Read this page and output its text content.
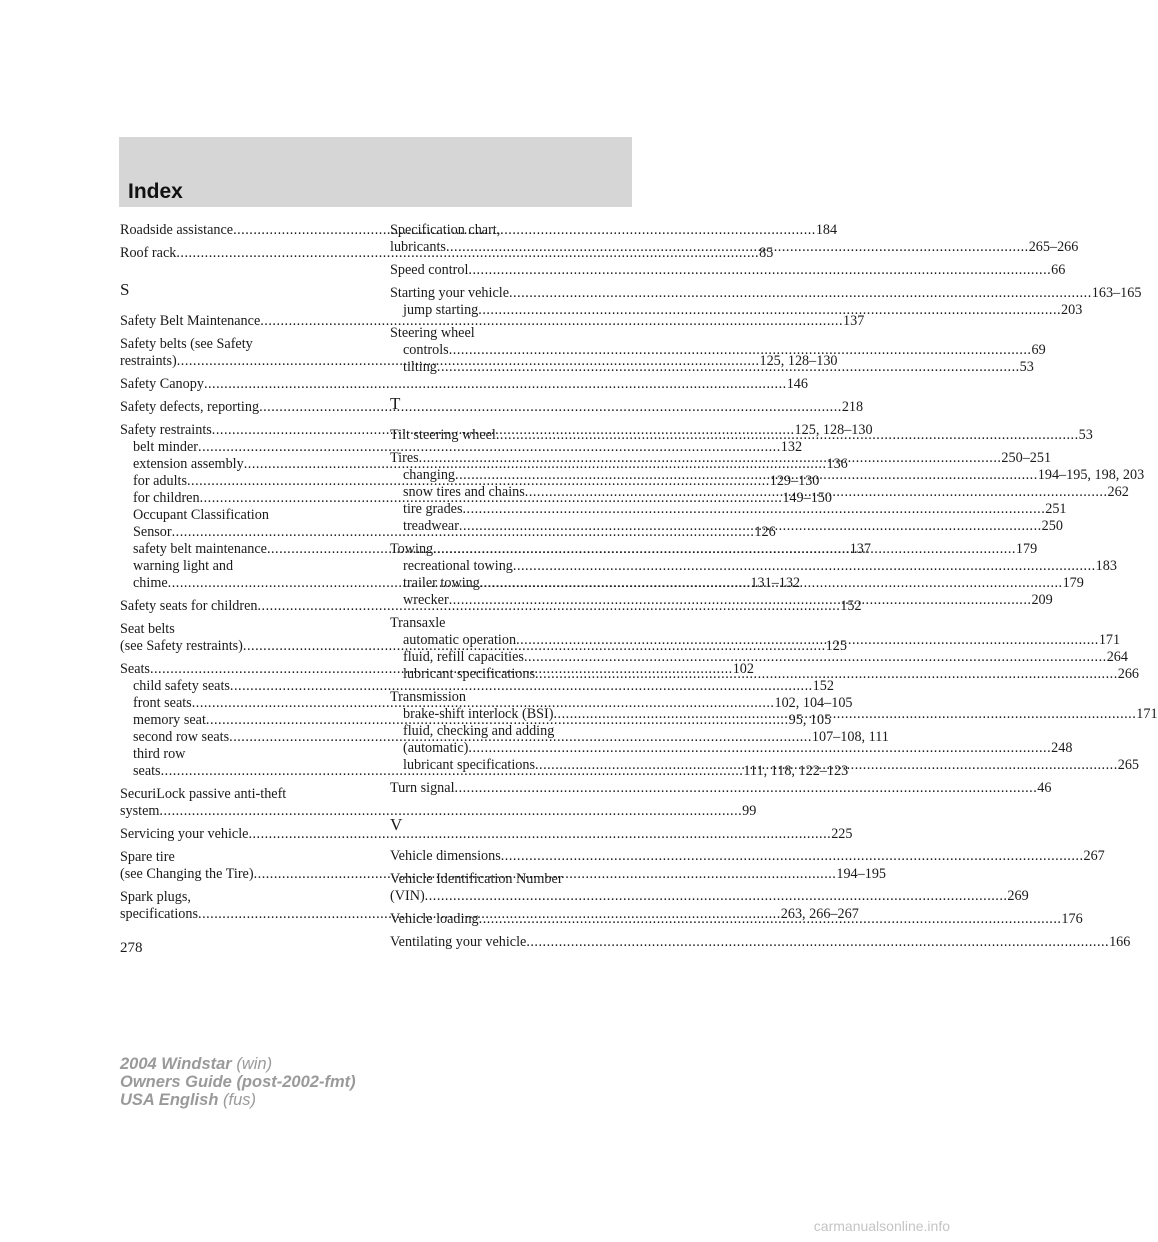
Index
Roadside assistance .....	184
Roof rack .....	85
S
Safety Belt Maintenance .....	137
Safety belts (see Safety
restraints) .....	125, 128–130
Safety Canopy .....	146
Safety defects, reporting .....	218
Safety restraints .....	125, 128–130
belt minder .....	132
extension assembly .....	136
for adults .....	129–130
for children .....	149–150
Occupant Classification
Sensor .....	126
safety belt maintenance .....	137
warning light and
chime .....	131–132
Safety seats for children .....	152
Seat belts
(see Safety restraints) .....	125
Seats .....	102
child safety seats .....	152
front seats .....	102, 104–105
memory seat .....	95, 105
second row seats .....	107–108, 111
third row
seats .....	111, 118, 122–123
SecuriLock passive anti-theft
system .....	99
Servicing your vehicle .....	225
Spare tire
(see Changing the Tire) .....	194–195
Spark plugs,
specifications .....	263, 266–267
Specification chart,
lubricants .....	265–266
Speed control .....	66
Starting your vehicle .....	163–165
jump starting .....	203
Steering wheel
controls .....	69
tilting .....	53
T
Tilt steering wheel .....	53
Tires .....	250–251
changing .....	194–195, 198, 203
snow tires and chains .....	262
tire grades .....	251
treadwear .....	250
Towing .....	179
recreational towing .....	183
trailer towing .....	179
wrecker .....	209
Transaxle
automatic operation .....	171
fluid, refill capacities .....	264
lubricant specifications .....	266
Transmission
brake-shift interlock (BSI) .....	171
fluid, checking and adding
(automatic) .....	248
lubricant specifications .....	265
Turn signal .....	46
V
Vehicle dimensions .....	267
Vehicle Identification Number
(VIN) .....	269
Vehicle loading .....	176
Ventilating your vehicle .....	166
278
2004 Windstar (win)
Owners Guide (post-2002-fmt)
USA English (fus)
carmanualsonline.info
